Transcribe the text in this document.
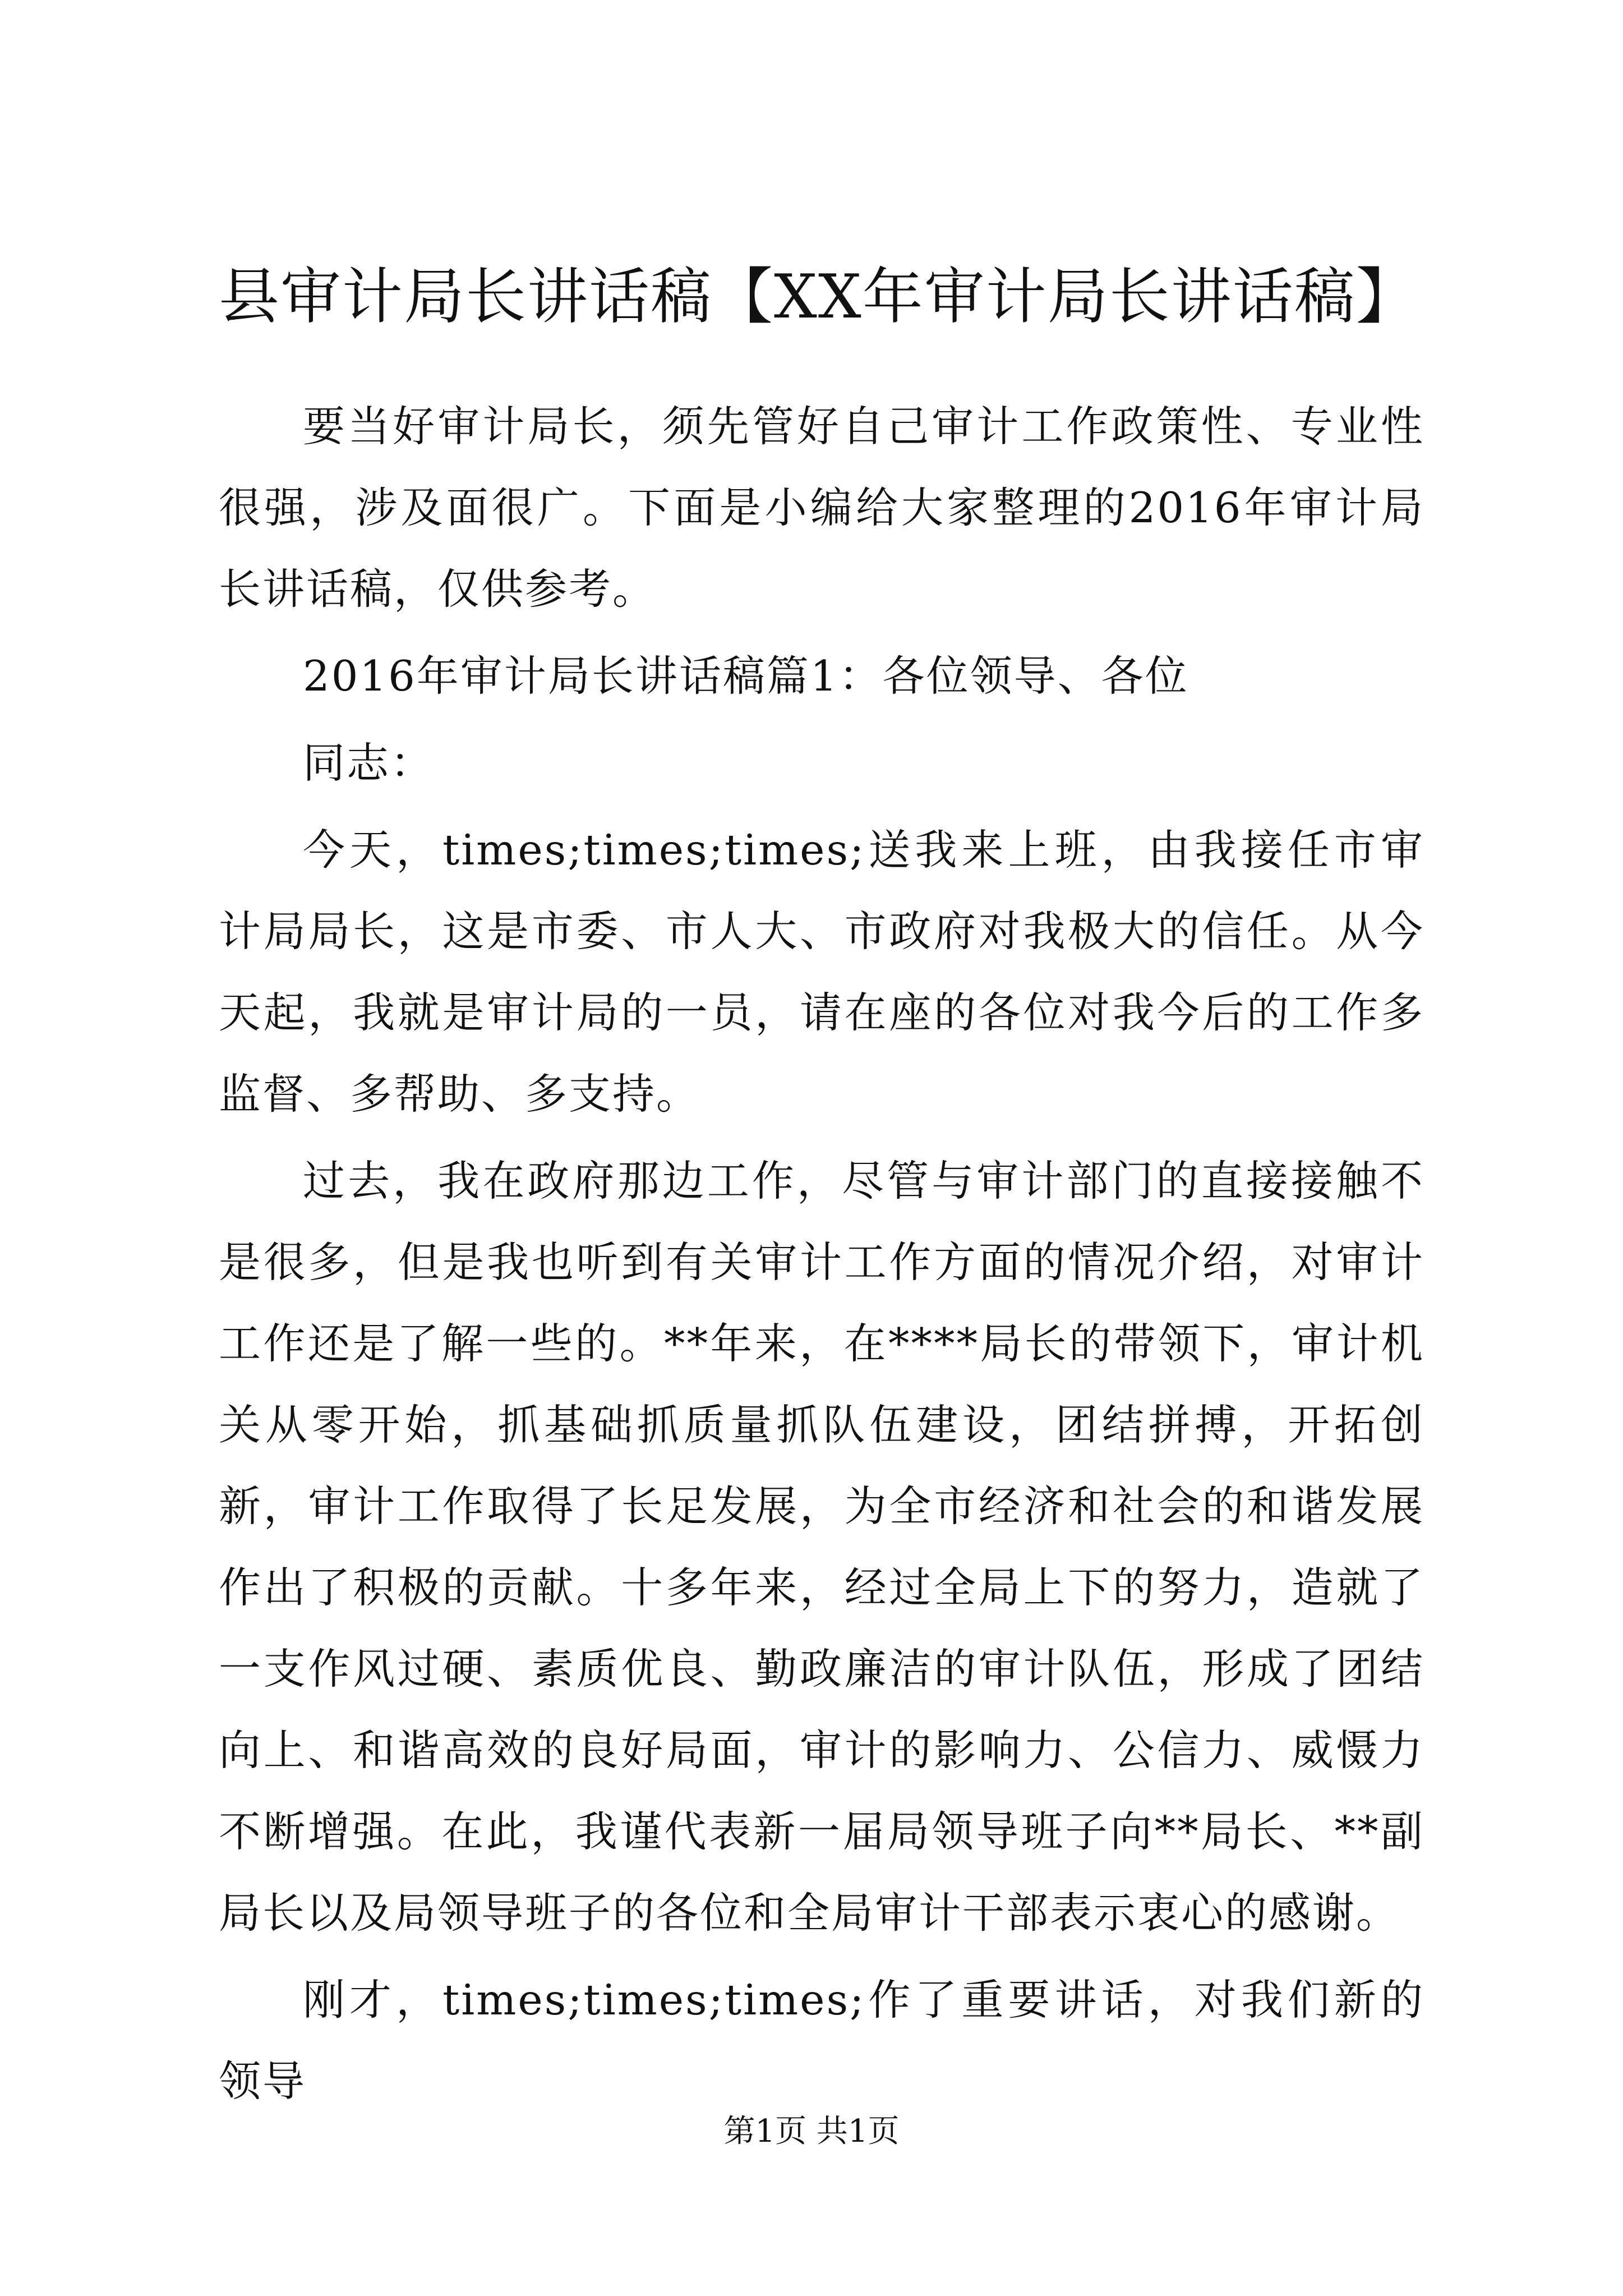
县审计局长讲话稿【XX年审计局长讲话稿】

要当好审计局长，须先管好自己审计工作政策性、专业性很强，涉及面很广。下面是小编给大家整理的2016年审计局长讲话稿，仅供参考。

2016年审计局长讲话稿篇1：各位领导、各位

同志：

今天，times;times;times;送我来上班，由我接任市审计局局长，这是市委、市人大、市政府对我极大的信任。从今天起，我就是审计局的一员，请在座的各位对我今后的工作多监督、多帮助、多支持。

过去，我在政府那边工作，尽管与审计部门的直接接触不是很多，但是我也听到有关审计工作方面的情况介绍，对审计工作还是了解一些的。**年来，在****局长的带领下，审计机关从零开始，抓基础抓质量抓队伍建设，团结拼搏，开拓创新，审计工作取得了长足发展，为全市经济和社会的和谐发展作出了积极的贡献。十多年来，经过全局上下的努力，造就了一支作风过硬、素质优良、勤政廉洁的审计队伍，形成了团结向上、和谐高效的良好局面，审计的影响力、公信力、威慑力不断增强。在此，我谨代表新一届局领导班子向**局长、**副局长以及局领导班子的各位和全局审计干部表示衷心的感谢。

刚才，times;times;times;作了重要讲话，对我们新的领导

第1页 共1页
